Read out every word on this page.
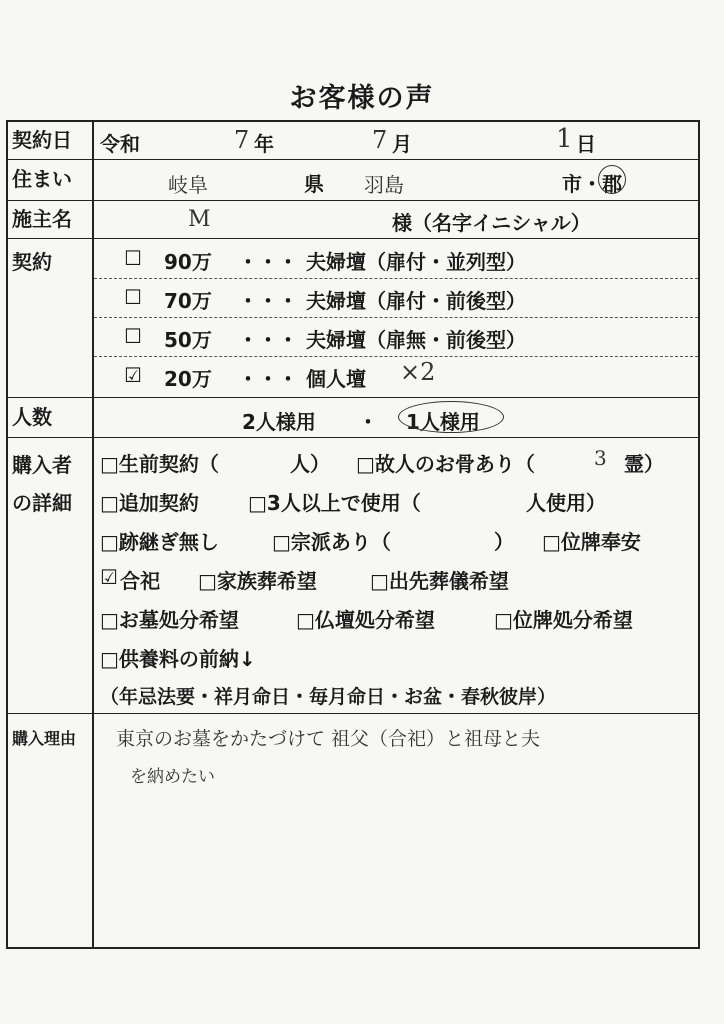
お客様の声
契約日	令和	7 年	7 月	1 日
住まい	岐阜	県 羽島	市・ 郡
施主名	M	様（名字イニシャル）
契約	☐ 90万 ・・・ 夫婦壇（扉付・並列型）
☐ 70万 ・・・ 夫婦壇（扉付・前後型）
☐ 50万 ・・・ 夫婦壇（扉無・前後型）
☑ 20万 ・・・ 個人壇 ×2
人数	2人様用 ・ 1人様用
購入者
の詳細
□生前契約（	人） □故人のお骨あり（	3 霊）
□追加契約 □3人以上で使用（	人使用）
□跡継ぎ無し	□宗派あり（	） □位牌奉安
☑ 合祀 □家族葬希望	□出先葬儀希望
□お墓処分希望	□仏壇処分希望	□位牌処分希望
□供養料の前納↓
（年忌法要・祥月命日・毎月命日・お盆・春秋彼岸）
購入理由	東京のお墓をかたづけて 祖父（合祀）と祖母と夫
を納めたい
